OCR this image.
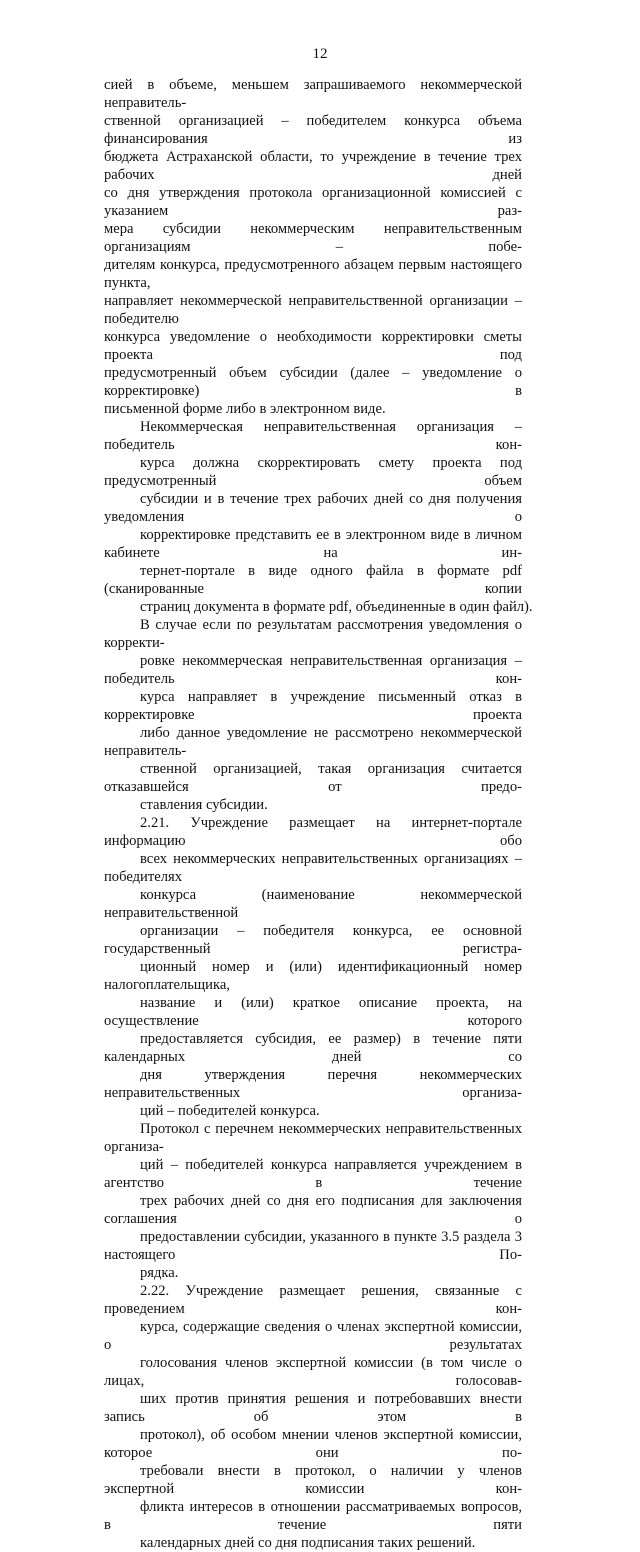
12
сией в объеме, меньшем запрашиваемого некоммерческой неправитель-
ственной организацией – победителем конкурса объема финансирования из
бюджета Астраханской области, то учреждение в течение трех рабочих дней
со дня утверждения протокола организационной комиссией с указанием раз-
мера субсидии некоммерческим неправительственным организациям – побе-
дителям конкурса, предусмотренного абзацем первым настоящего пункта,
направляет некоммерческой неправительственной организации – победителю
конкурса уведомление о необходимости корректировки сметы проекта под
предусмотренный объем субсидии (далее – уведомление о корректировке) в
письменной форме либо в электронном виде.
Некоммерческая неправительственная организация – победитель кон-
курса должна скорректировать смету проекта под предусмотренный объем
субсидии и в течение трех рабочих дней со дня получения уведомления о
корректировке представить ее в электронном виде в личном кабинете на ин-
тернет-портале в виде одного файла в формате pdf (сканированные копии
страниц документа в формате pdf, объединенные в один файл).
В случае если по результатам рассмотрения уведомления о корректи-
ровке некоммерческая неправительственная организация – победитель кон-
курса направляет в учреждение письменный отказ в корректировке проекта
либо данное уведомление не рассмотрено некоммерческой неправитель-
ственной организацией, такая организация считается отказавшейся от предо-
ставления субсидии.
2.21. Учреждение размещает на интернет-портале информацию обо
всех некоммерческих неправительственных организациях – победителях
конкурса (наименование некоммерческой неправительственной
организации – победителя конкурса, ее основной государственный регистра-
ционный номер и (или) идентификационный номер налогоплательщика,
название и (или) краткое описание проекта, на осуществление которого
предоставляется субсидия, ее размер) в течение пяти календарных дней со
дня утверждения перечня некоммерческих неправительственных организа-
ций – победителей конкурса.
Протокол с перечнем некоммерческих неправительственных организа-
ций – победителей конкурса направляется учреждением в агентство в течение
трех рабочих дней со дня его подписания для заключения соглашения о
предоставлении субсидии, указанного в пункте 3.5 раздела 3 настоящего По-
рядка.
2.22. Учреждение размещает решения, связанные с проведением кон-
курса, содержащие сведения о членах экспертной комиссии, о результатах
голосования членов экспертной комиссии (в том числе о лицах, голосовав-
ших против принятия решения и потребовавших внести запись об этом в
протокол), об особом мнении членов экспертной комиссии, которое они по-
требовали внести в протокол, о наличии у членов экспертной комиссии кон-
фликта интересов в отношении рассматриваемых вопросов, в течение пяти
календарных дней со дня подписания таких решений.
